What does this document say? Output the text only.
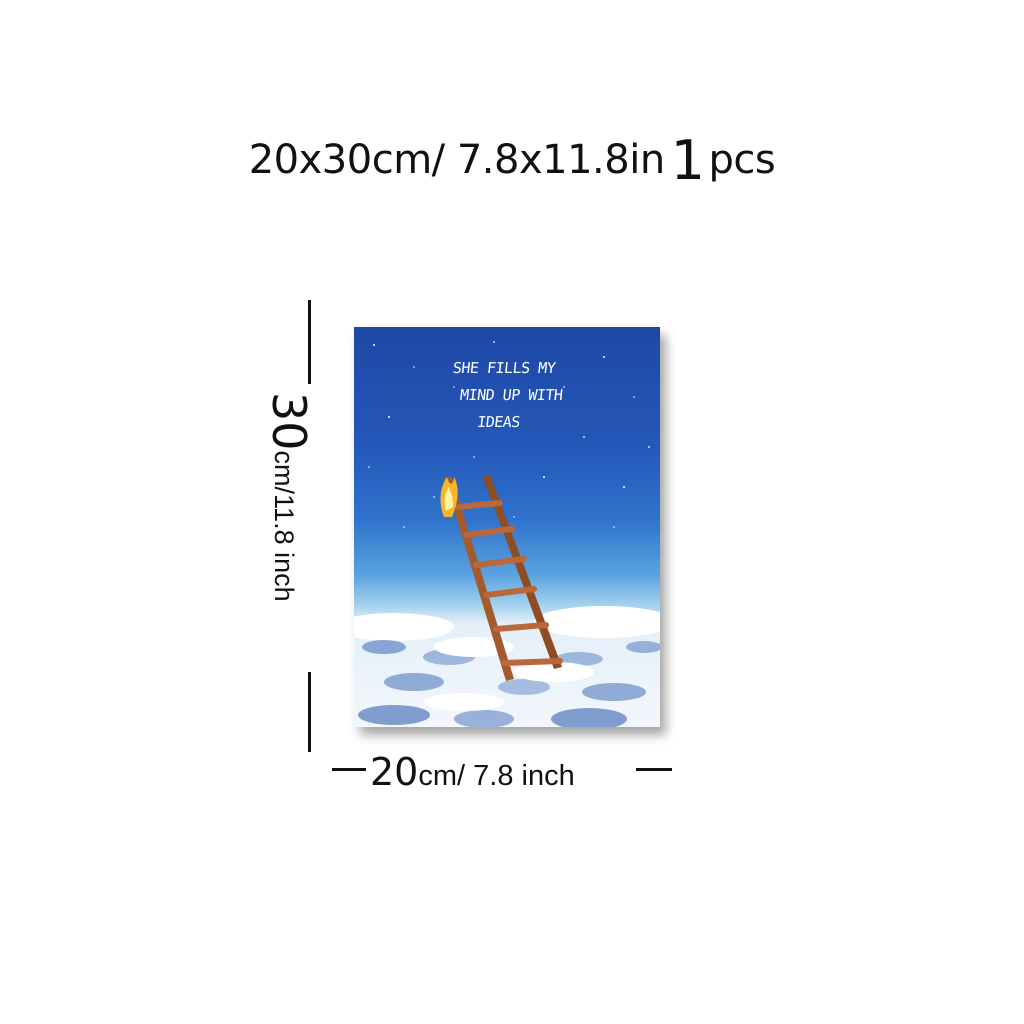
20x30cm/ 7.8x11.8in 1 pcs
30cm/11.8 inch
SHE FILLS MY
MIND UP WITH
IDEAS
20cm/ 7.8 inch
